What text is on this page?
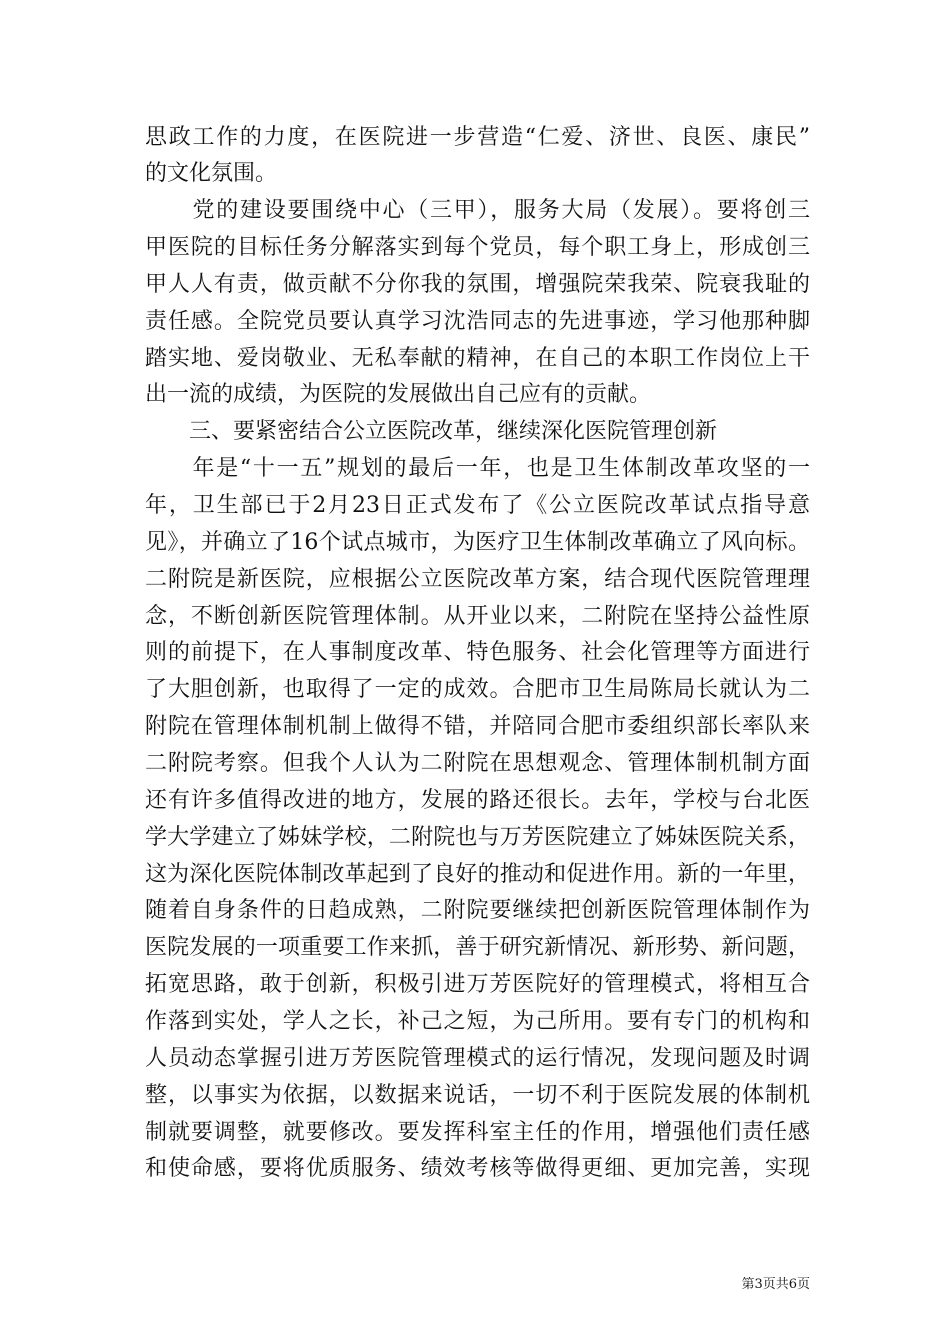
思政工作的力度，在医院进一步营造“仁爱、济世、良医、康民”
的文化氛围。
　　党的建设要围绕中心（三甲），服务大局（发展）。要将创三
甲医院的目标任务分解落实到每个党员，每个职工身上，形成创三
甲人人有责，做贡献不分你我的氛围，增强院荣我荣、院衰我耻的
责任感。全院党员要认真学习沈浩同志的先进事迹，学习他那种脚
踏实地、爱岗敬业、无私奉献的精神，在自己的本职工作岗位上干
出一流的成绩，为医院的发展做出自己应有的贡献。
　　三、要紧密结合公立医院改革，继续深化医院管理创新
　　年是“十一五”规划的最后一年，也是卫生体制改革攻坚的一
年，卫生部已于2月23日正式发布了《公立医院改革试点指导意
见》，并确立了16个试点城市，为医疗卫生体制改革确立了风向标。
二附院是新医院，应根据公立医院改革方案，结合现代医院管理理
念，不断创新医院管理体制。从开业以来，二附院在坚持公益性原
则的前提下，在人事制度改革、特色服务、社会化管理等方面进行
了大胆创新，也取得了一定的成效。合肥市卫生局陈局长就认为二
附院在管理体制机制上做得不错，并陪同合肥市委组织部长率队来
二附院考察。但我个人认为二附院在思想观念、管理体制机制方面
还有许多值得改进的地方，发展的路还很长。去年，学校与台北医
学大学建立了姊妹学校，二附院也与万芳医院建立了姊妹医院关系，
这为深化医院体制改革起到了良好的推动和促进作用。新的一年里，
随着自身条件的日趋成熟，二附院要继续把创新医院管理体制作为
医院发展的一项重要工作来抓，善于研究新情况、新形势、新问题，
拓宽思路，敢于创新，积极引进万芳医院好的管理模式，将相互合
作落到实处，学人之长，补己之短，为己所用。要有专门的机构和
人员动态掌握引进万芳医院管理模式的运行情况，发现问题及时调
整，以事实为依据，以数据来说话，一切不利于医院发展的体制机
制就要调整，就要修改。要发挥科室主任的作用，增强他们责任感
和使命感，要将优质服务、绩效考核等做得更细、更加完善，实现
第3页共6页
